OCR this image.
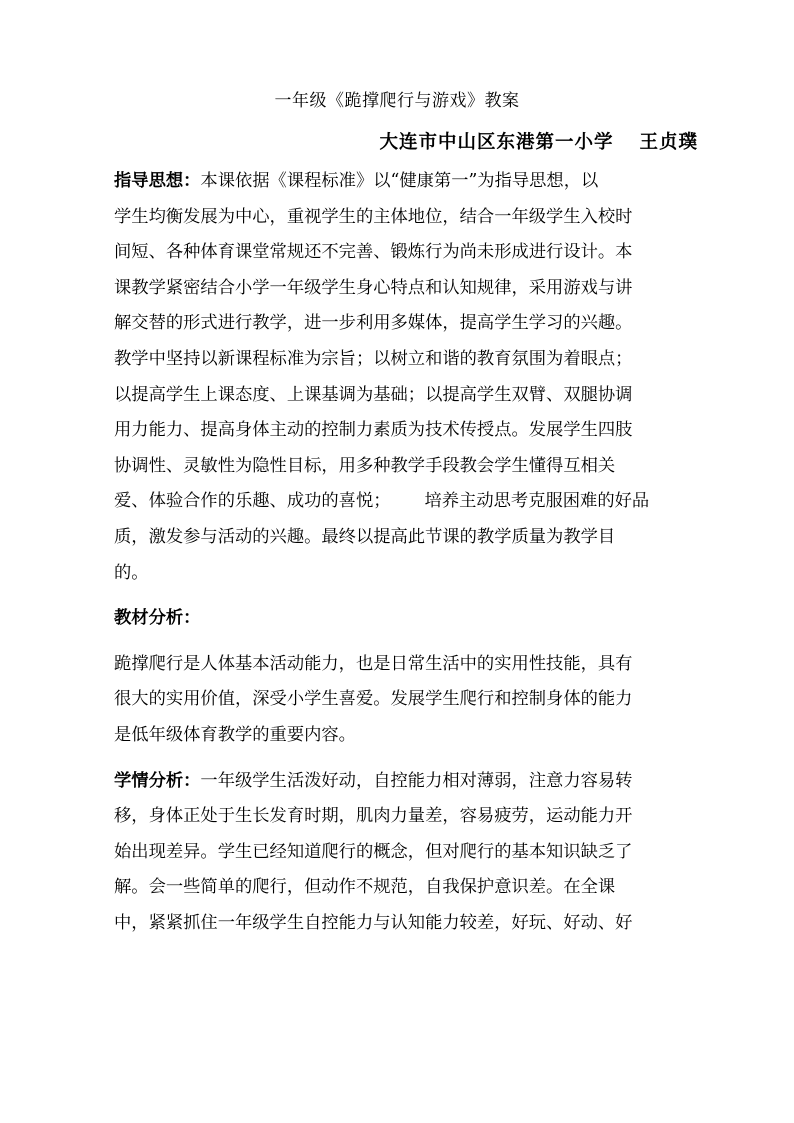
一年级《跪撑爬行与游戏》教案
大连市中山区东港第一小学 王贞璞
指导思想：本课依据《课程标准》以“健康第一”为指导思想，以
学生均衡发展为中心，重视学生的主体地位，结合一年级学生入校时
间短、各种体育课堂常规还不完善、锻炼行为尚未形成进行设计。本
课教学紧密结合小学一年级学生身心特点和认知规律，采用游戏与讲
解交替的形式进行教学，进一步利用多媒体，提高学生学习的兴趣。
教学中坚持以新课程标准为宗旨；以树立和谐的教育氛围为着眼点；
以提高学生上课态度、上课基调为基础；以提高学生双臂、双腿协调
用力能力、提高身体主动的控制力素质为技术传授点。发展学生四肢
协调性、灵敏性为隐性目标，用多种教学手段教会学生懂得互相关
爱、体验合作的乐趣、成功的喜悦； 培养主动思考克服困难的好品
质，激发参与活动的兴趣。最终以提高此节课的教学质量为教学目
的。
教材分析：
跪撑爬行是人体基本活动能力，也是日常生活中的实用性技能，具有
很大的实用价值，深受小学生喜爱。发展学生爬行和控制身体的能力
是低年级体育教学的重要内容。
学情分析：一年级学生活泼好动，自控能力相对薄弱，注意力容易转
移，身体正处于生长发育时期，肌肉力量差，容易疲劳，运动能力开
始出现差异。学生已经知道爬行的概念，但对爬行的基本知识缺乏了
解。会一些简单的爬行，但动作不规范，自我保护意识差。在全课
中，紧紧抓住一年级学生自控能力与认知能力较差，好玩、好动、好
